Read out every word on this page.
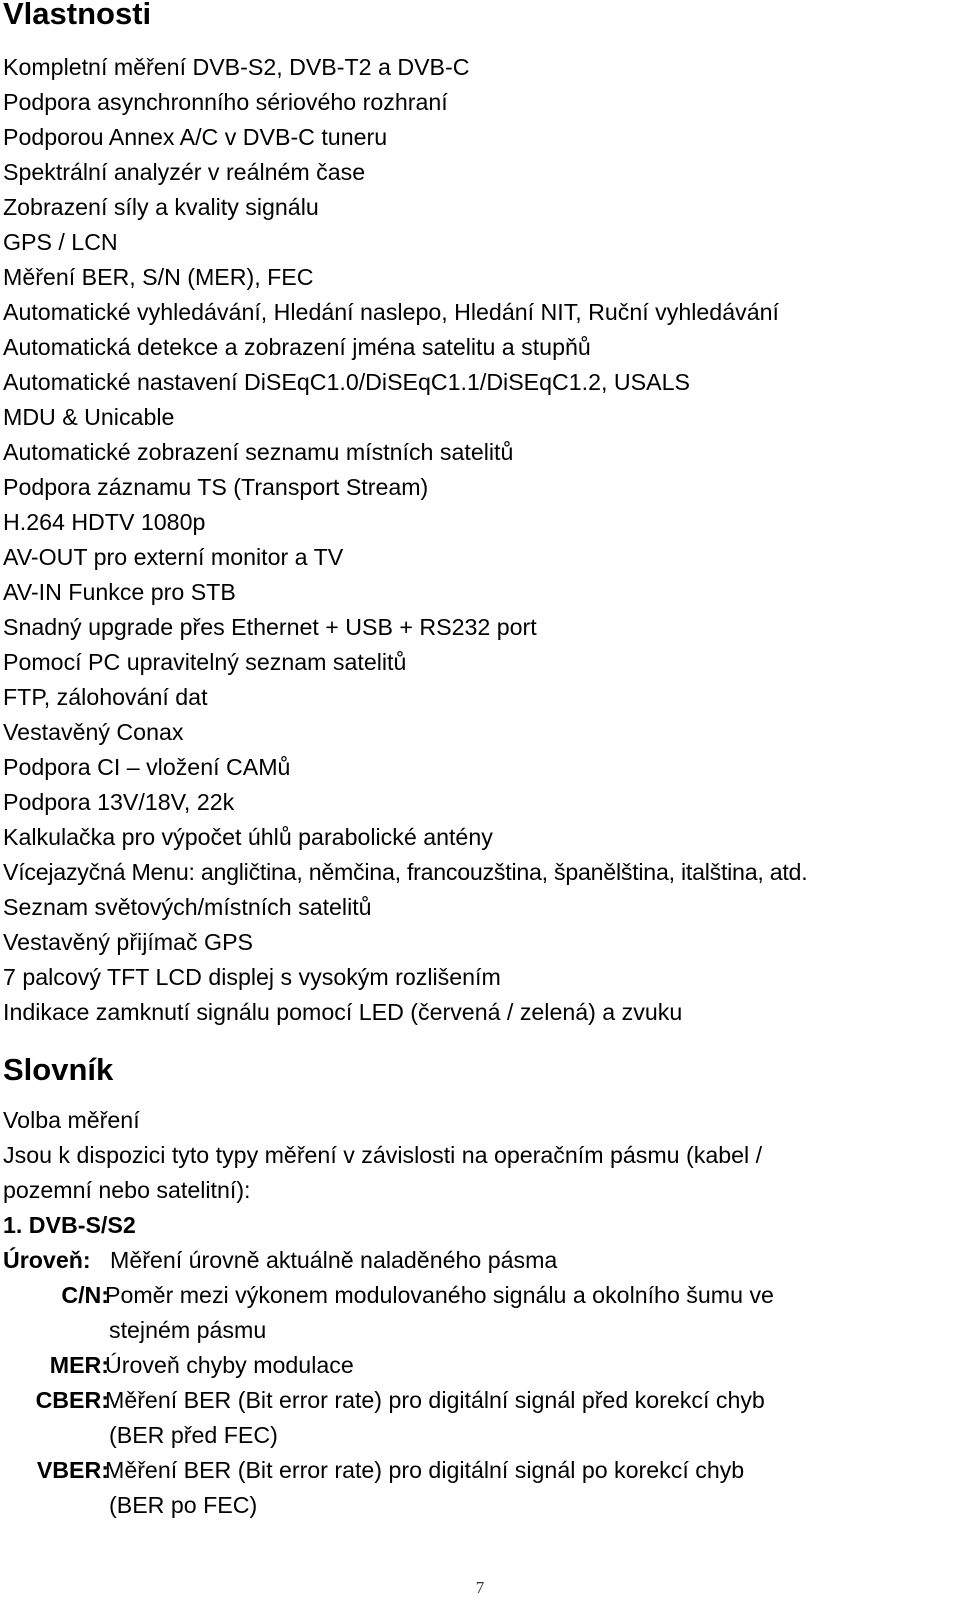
Vlastnosti
Kompletní měření DVB-S2, DVB-T2 a DVB-C
Podpora asynchronního sériového rozhraní
Podporou Annex A/C v DVB-C tuneru
Spektrální analyzér v reálném čase
Zobrazení síly a kvality signálu
GPS / LCN
Měření BER, S/N (MER), FEC
Automatické vyhledávání, Hledání naslepo, Hledání NIT, Ruční vyhledávání
Automatická detekce a zobrazení jména satelitu a stupňů
Automatické nastavení DiSEqC1.0/DiSEqC1.1/DiSEqC1.2, USALS
MDU & Unicable
Automatické zobrazení seznamu místních satelitů
Podpora záznamu TS (Transport Stream)
H.264 HDTV 1080p
AV-OUT pro externí monitor a TV
AV-IN Funkce pro STB
Snadný upgrade přes Ethernet + USB + RS232 port
Pomocí PC upravitelný seznam satelitů
FTP, zálohování dat
Vestavěný Conax
Podpora CI – vložení CAMů
Podpora 13V/18V, 22k
Kalkulačka pro výpočet úhlů parabolické antény
Vícejazyčná Menu: angličtina, němčina, francouzština, španělština, italština, atd.
Seznam světových/místních satelitů
Vestavěný přijímač GPS
7 palcový TFT LCD displej s vysokým rozlišením
Indikace zamknutí signálu pomocí LED (červená / zelená) a zvuku
Slovník
Volba měření
Jsou k dispozici tyto typy měření v závislosti na operačním pásmu (kabel /
pozemní nebo satelitní):
1. DVB-S/S2
Úroveň: Měření úrovně aktuálně naladěného pásma
C/N:
Poměr mezi výkonem modulovaného signálu a okolního šumu ve
stejném pásmu
MER:
Úroveň chyby modulace
CBER:
Měření BER (Bit error rate) pro digitální signál před korekcí chyb
(BER před FEC)
VBER:
Měření BER (Bit error rate) pro digitální signál po korekcí chyb
(BER po FEC)
7
